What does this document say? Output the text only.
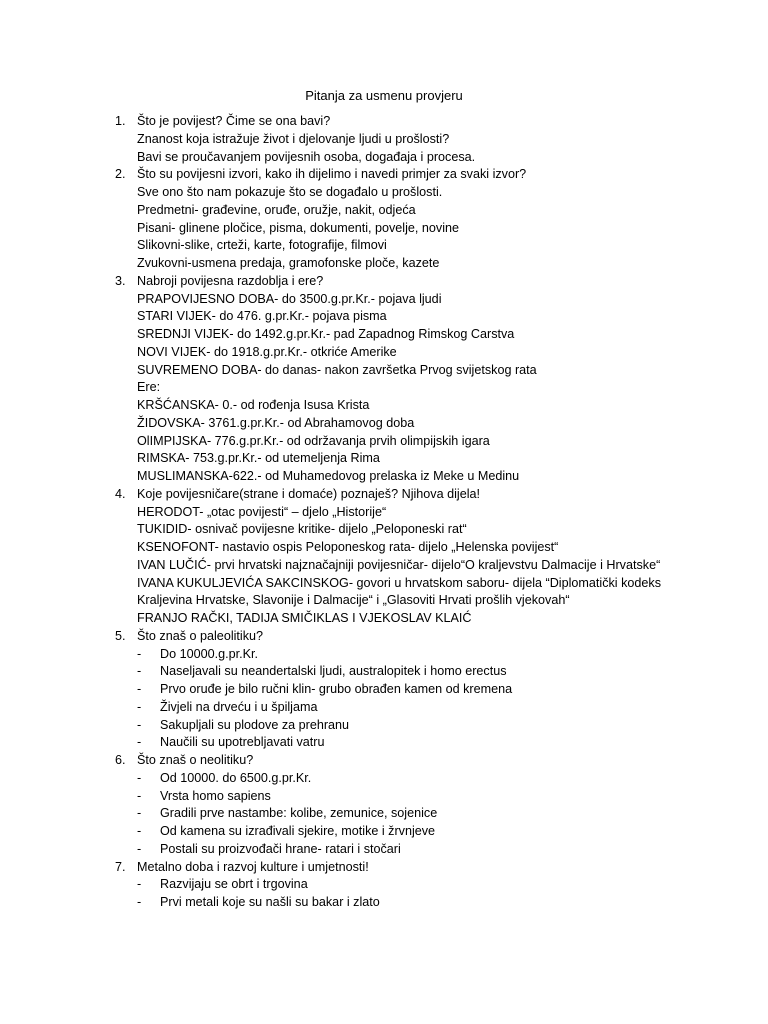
Pitanja za usmenu provjeru
1. Što je povijest? Čime se ona bavi?
Znanost koja istražuje život i djelovanje ljudi u prošlosti?
Bavi se proučavanjem povijesnih osoba, događaja i procesa.
2. Što su povijesni izvori, kako ih dijelimo i navedi primjer za svaki izvor?
Sve ono što nam pokazuje što se događalo u prošlosti.
Predmetni- građevine, oruđe, oružje, nakit, odjeća
Pisani- glinene pločice, pisma, dokumenti, povelje, novine
Slikovni-slike, crteži, karte, fotografije, filmovi
Zvukovni-usmena predaja, gramofonske ploče, kazete
3. Nabroji povijesna razdoblja i ere?
PRAPOVIJESNO DOBA- do 3500.g.pr.Kr.- pojava ljudi
STARI VIJEK- do 476. g.pr.Kr.- pojava pisma
SREDNJI VIJEK- do 1492.g.pr.Kr.- pad Zapadnog Rimskog Carstva
NOVI VIJEK- do 1918.g.pr.Kr.- otkriće Amerike
SUVREMENO DOBA- do danas- nakon završetka Prvog svijetskog rata
Ere:
KRŠĆANSKA- 0.- od rođenja Isusa Krista
ŽIDOVSKA- 3761.g.pr.Kr.- od Abrahamovog doba
OlIMPIJSKA- 776.g.pr.Kr.- od održavanja prvih olimpijskih igara
RIMSKA- 753.g.pr.Kr.- od utemeljenja Rima
MUSLIMANSKA-622.- od Muhamedovog prelaska iz Meke u Medinu
4. Koje povijesničare(strane i domaće) poznaješ? Njihova dijela!
HERODOT- „otac povijesti“ – djelo „Historije“
TUKIDID- osnivač povijesne kritike- dijelo „Peloponeski rat“
KSENOFONT- nastavio ospis Peloponeskog rata- dijelo „Helenska povijest“
IVAN LUČIĆ- prvi hrvatski najznačajniji povijesničar- dijelo“O kraljevstvu Dalmacije i Hrvatske“
IVANA KUKULJEVIĆA SAKCINSKOG- govori u hrvatskom saboru- dijela “Diplomatički kodeks
Kraljevina Hrvatske, Slavonije i Dalmacije“ i „Glasoviti Hrvati prošlih vjekovah“
FRANJO RAČKI, TADIJA SMIČIKLAS I VJEKOSLAV KLAIĆ
5. Što znaš o paleolitiku?
- Do 10000.g.pr.Kr.
- Naseljavali su neandertalski ljudi, australopitek i homo erectus
- Prvo oruđe je bilo ručni klin- grubo obrađen kamen od kremena
- Živjeli na drveću i u špiljama
- Sakupljali su plodove za prehranu
- Naučili su upotrebljavati vatru
6. Što znaš o neolitiku?
- Od 10000. do 6500.g.pr.Kr.
- Vrsta homo sapiens
- Gradili prve nastambe: kolibe, zemunice, sojenice
- Od kamena su izrađivali sjekire, motike i žrvnjeve
- Postali su proizvođači hrane- ratari i stočari
7. Metalno doba i razvoj kulture i umjetnosti!
- Razvijaju se obrt i trgovina
- Prvi metali koje su našli su bakar i zlato
